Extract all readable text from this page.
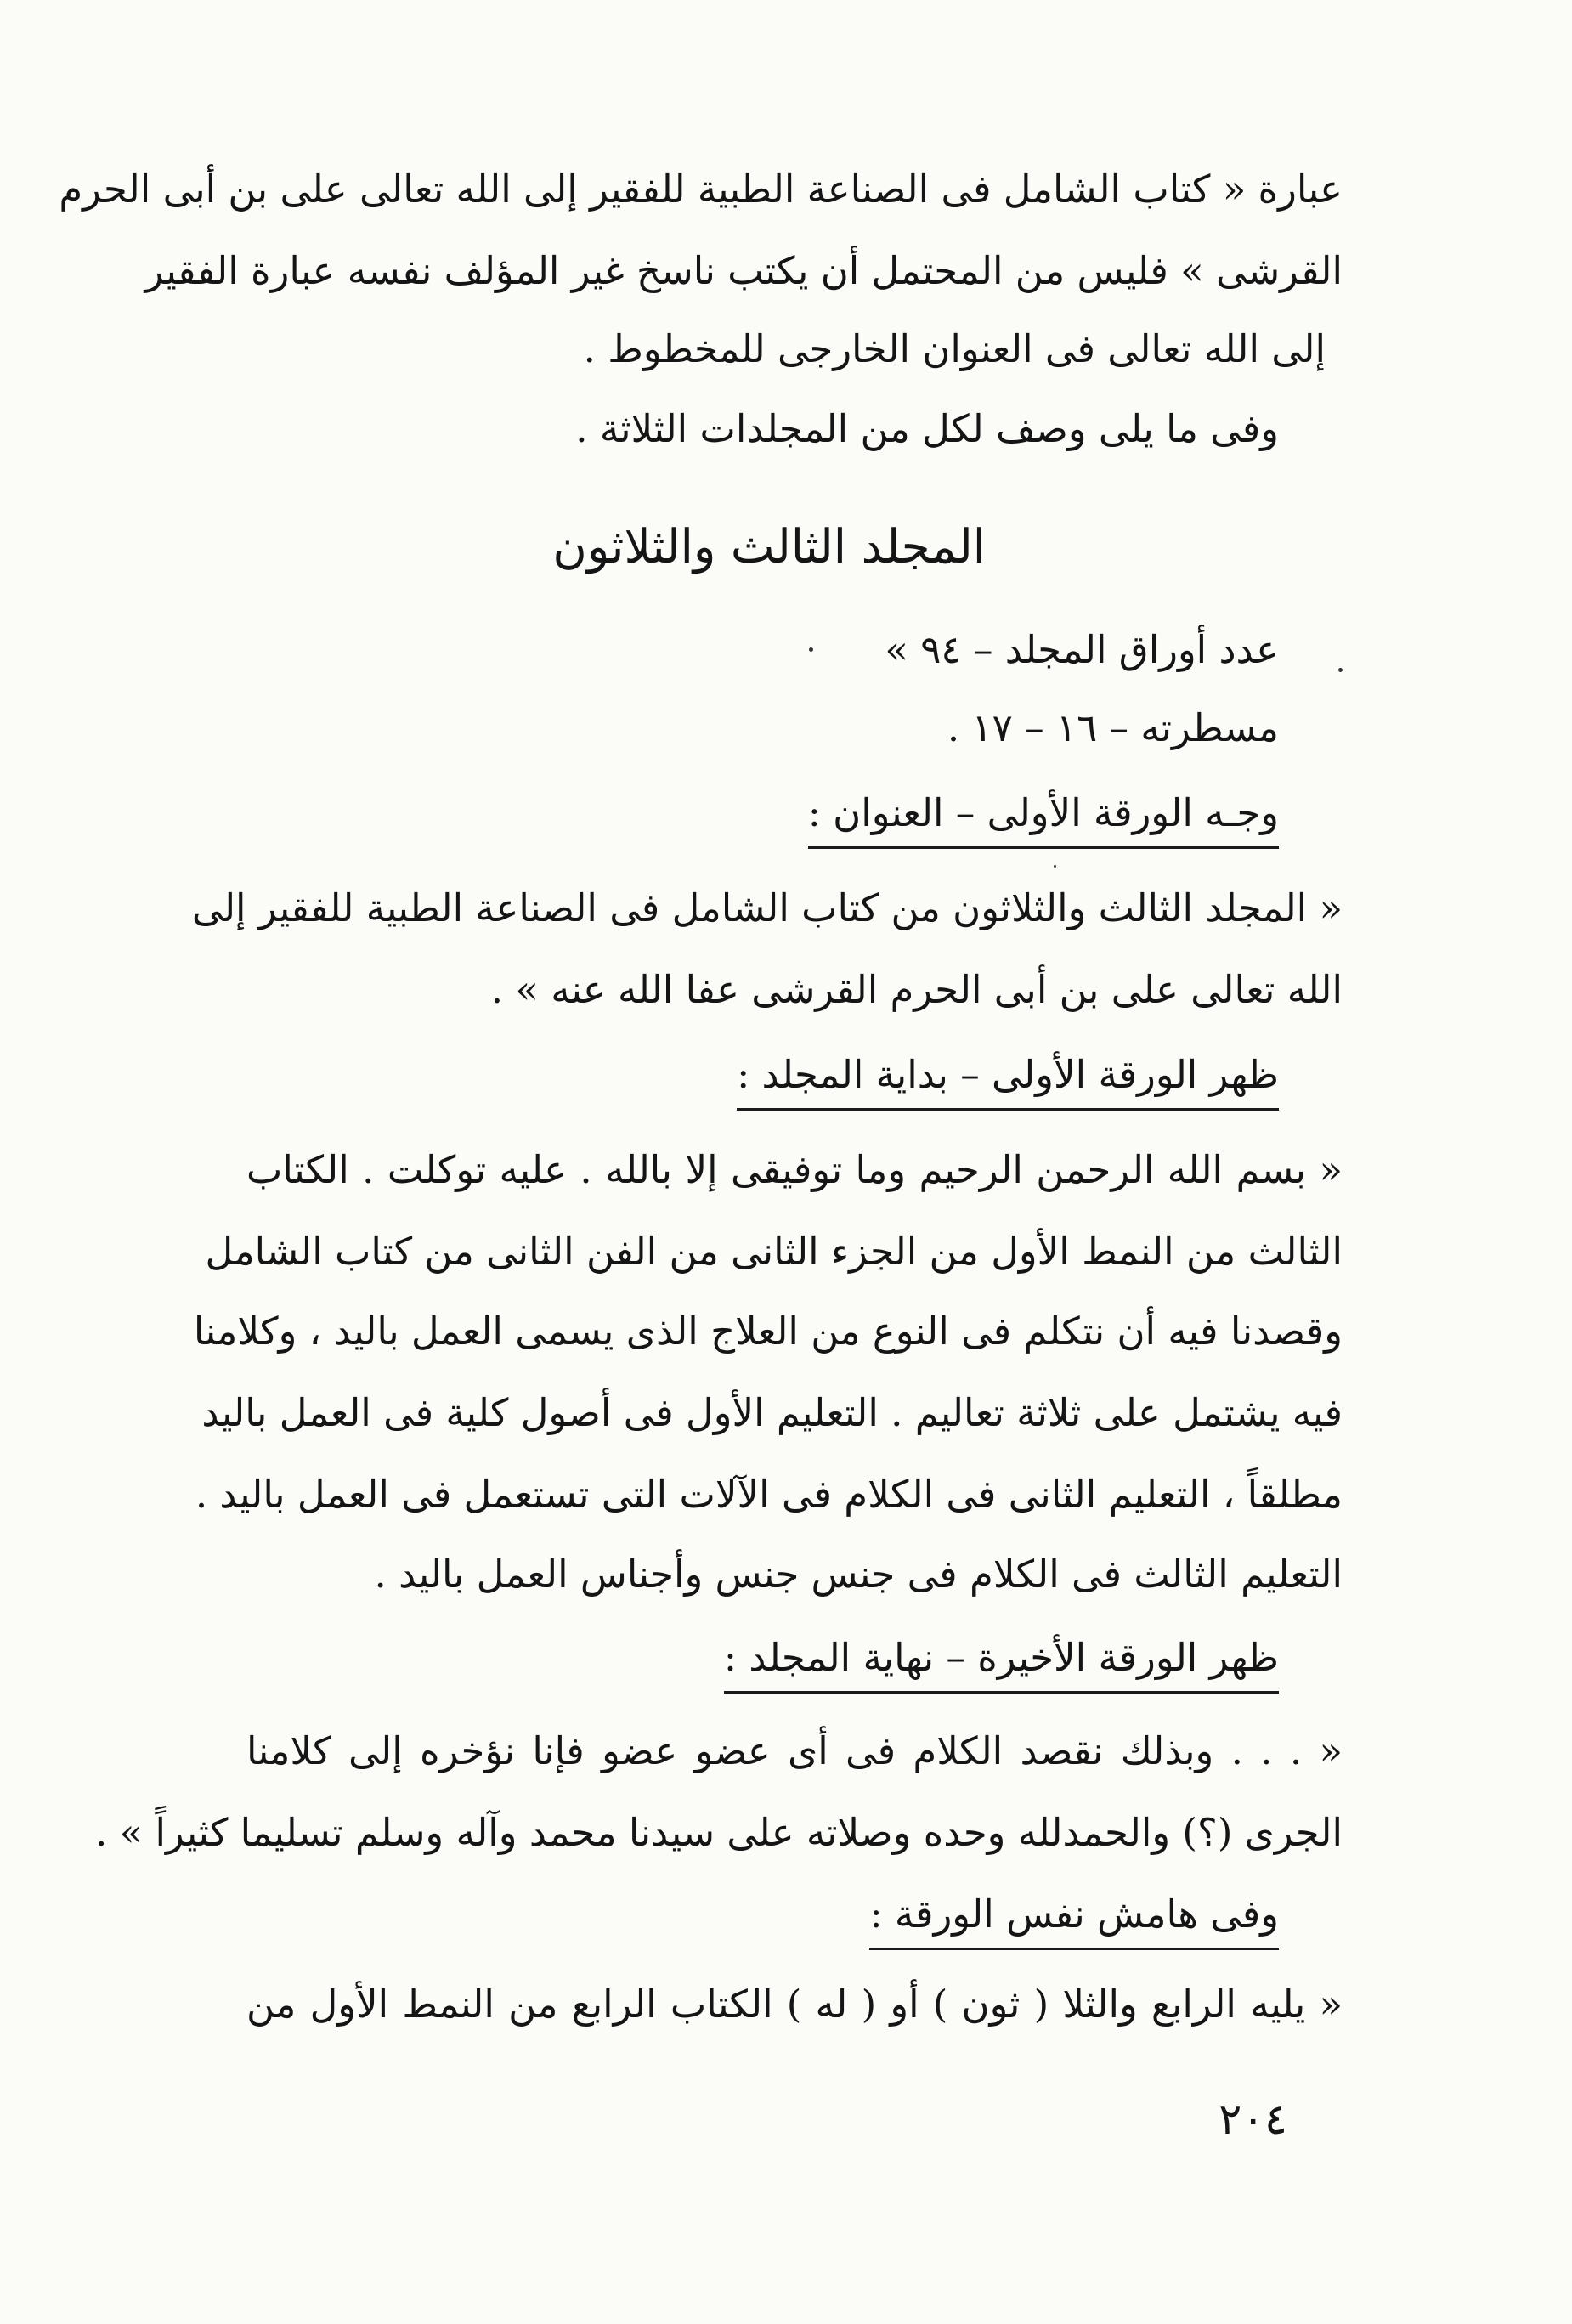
عبارة « كتاب الشامل فى الصناعة الطبية للفقير إلى الله تعالى على بن أبى الحرم
القرشى » فليس من المحتمل أن يكتب ناسخ غير المؤلف نفسه عبارة الفقير
إلى الله تعالى فى العنوان الخارجى للمخطوط .
وفى ما يلى وصف لكل من المجلدات الثلاثة .
المجلد الثالث والثلاثون
عدد أوراق المجلد – ٩٤ »
مسطرته – ١٦ – ١٧ .
وجـه الورقة الأولى – العنوان :
« المجلد الثالث والثلاثون من كتاب الشامل فى الصناعة الطبية للفقير إلى
الله تعالى على بن أبى الحرم القرشى عفا الله عنه » .
ظهر الورقة الأولى – بداية المجلد :
« بسم الله الرحمن الرحيم وما توفيقى إلا بالله . عليه توكلت . الكتاب
الثالث من النمط الأول من الجزء الثانى من الفن الثانى من كتاب الشامل
وقصدنا فيه أن نتكلم فى النوع من العلاج الذى يسمى العمل باليد ، وكلامنا
فيه يشتمل على ثلاثة تعاليم . التعليم الأول فى أصول كلية فى العمل باليد
مطلقاً ، التعليم الثانى فى الكلام فى الآلات التى تستعمل فى العمل باليد .
التعليم الثالث فى الكلام فى جنس جنس وأجناس العمل باليد .
ظهر الورقة الأخيرة – نهاية المجلد :
« . . . وبذلك نقصد الكلام فى أى عضو عضو فإنا نؤخره إلى كلامنا
الجرى (؟) والحمدلله وحده وصلاته على سيدنا محمد وآله وسلم تسليما كثيراً » .
وفى هامش نفس الورقة :
« يليه الرابع والثلا ( ثون ) أو ( له ) الكتاب الرابع من النمط الأول من
٢٠٤
